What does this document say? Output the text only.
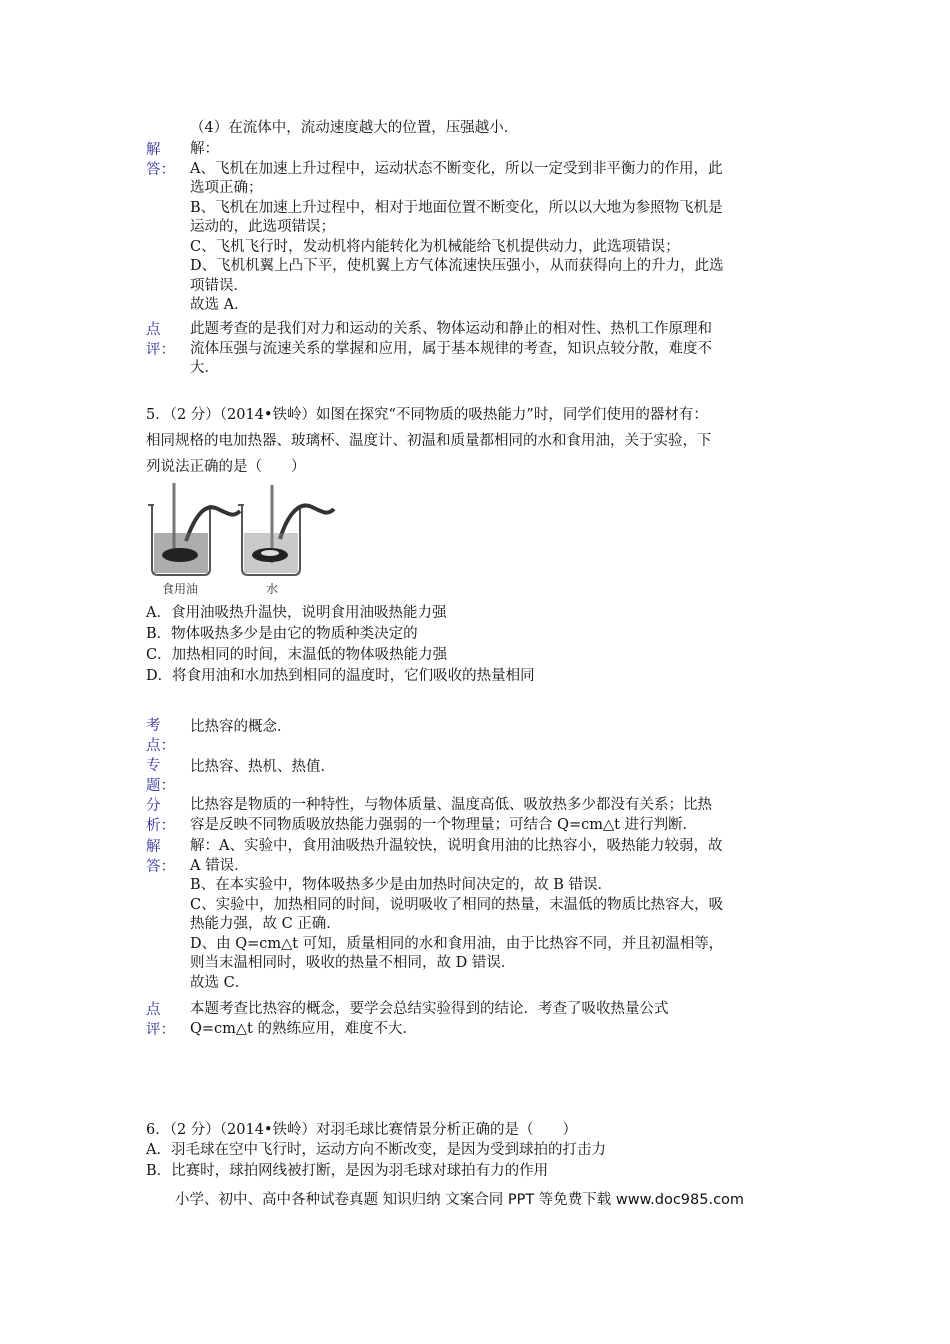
（4）在流体中，流动速度越大的位置，压强越小．
解答：

解：

A、飞机在加速上升过程中，运动状态不断变化，所以一定受到非平衡力的作用，此

选项正确；

B、飞机在加速上升过程中，相对于地面位置不断变化，所以以大地为参照物飞机是

运动的，此选项错误；

C、飞机飞行时，发动机将内能转化为机械能给飞机提供动力，此选项错误；

D、飞机机翼上凸下平，使机翼上方气体流速快压强小，从而获得向上的升力，此选

项错误．

故选 A．

点评：

此题考查的是我们对力和运动的关系、物体运动和静止的相对性、热机工作原理和

流体压强与流速关系的掌握和应用，属于基本规律的考查，知识点较分散，难度不

大．

5．（2 分）（2014•铁岭）如图在探究“不同物质的吸热能力”时，同学们使用的器材有：

相同规格的电加热器、玻璃杯、温度计、初温和质量都相同的水和食用油，关于实验，下

列说法正确的是（　　）

食用油	水

A．食用油吸热升温快，说明食用油吸热能力强

B．物体吸热多少是由它的物质种类决定的

C．加热相同的时间，末温低的物体吸热能力强

D．将食用油和水加热到相同的温度时，它们吸收的热量相同

考点：
比热容的概念．
专题：
比热容、热机、热值．
分析：

比热容是物质的一种特性，与物体质量、温度高低、吸放热多少都没有关系；比热

容是反映不同物质吸放热能力强弱的一个物理量；可结合 Q=cm△t 进行判断．

解答：

解：A、实验中，食用油吸热升温较快，说明食用油的比热容小，吸热能力较弱，故

A 错误．

B、在本实验中，物体吸热多少是由加热时间决定的，故 B 错误．

C、实验中，加热相同的时间，说明吸收了相同的热量，末温低的物质比热容大，吸

热能力强，故 C 正确．

D、由 Q=cm△t 可知，质量相同的水和食用油，由于比热容不同，并且初温相等，

则当末温相同时，吸收的热量不相同，故 D 错误．

故选 C．

点评：

本题考查比热容的概念，要学会总结实验得到的结论．考查了吸收热量公式

Q=cm△t 的熟练应用，难度不大．

6．（2 分）（2014•铁岭）对羽毛球比赛情景分析正确的是（　　）

A．羽毛球在空中飞行时，运动方向不断改变，是因为受到球拍的打击力

B．比赛时，球拍网线被打断，是因为羽毛球对球拍有力的作用

小学、初中、高中各种试卷真题 知识归纳 文案合同 PPT 等免费下载 www.doc985.com
